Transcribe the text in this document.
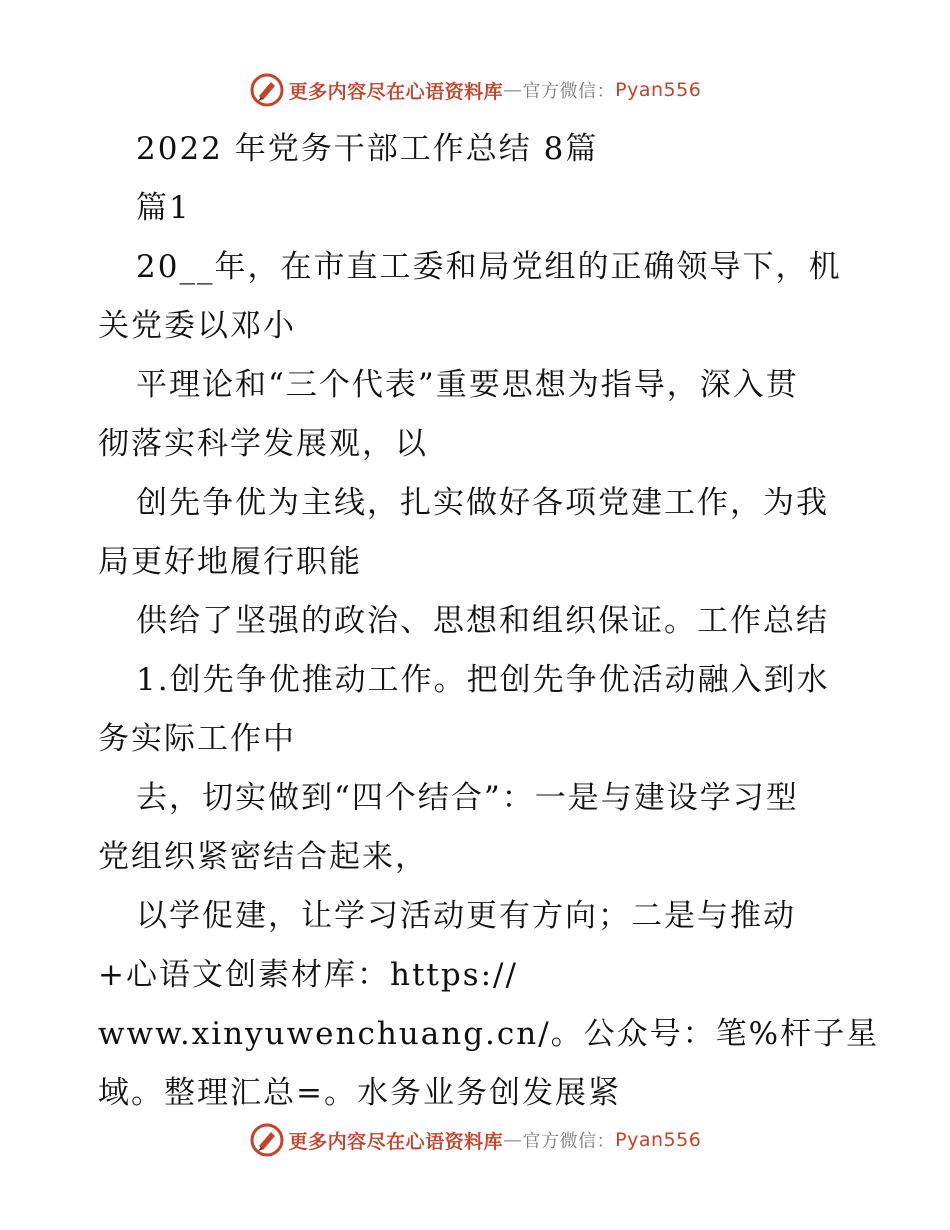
更多内容尽在心语资料库 — 官方微信： Pyan556
2022 年党务干部工作总结 8篇
篇1
20__年，在市直工委和局党组的正确领导下，机
关党委以邓小
平理论和“三个代表”重要思想为指导，深入贯
彻落实科学发展观，以
创先争优为主线，扎实做好各项党建工作，为我
局更好地履行职能
供给了坚强的政治、思想和组织保证。工作总结
1.创先争优推动工作。把创先争优活动融入到水
务实际工作中
去，切实做到“四个结合”：一是与建设学习型
党组织紧密结合起来，
以学促建，让学习活动更有方向；二是与推动
+心语文创素材库：https://
www.xinyuwenchuang.cn/。公众号：笔%杆子星
域。整理汇总=。水务业务创发展紧
更多内容尽在心语资料库 — 官方微信： Pyan556
